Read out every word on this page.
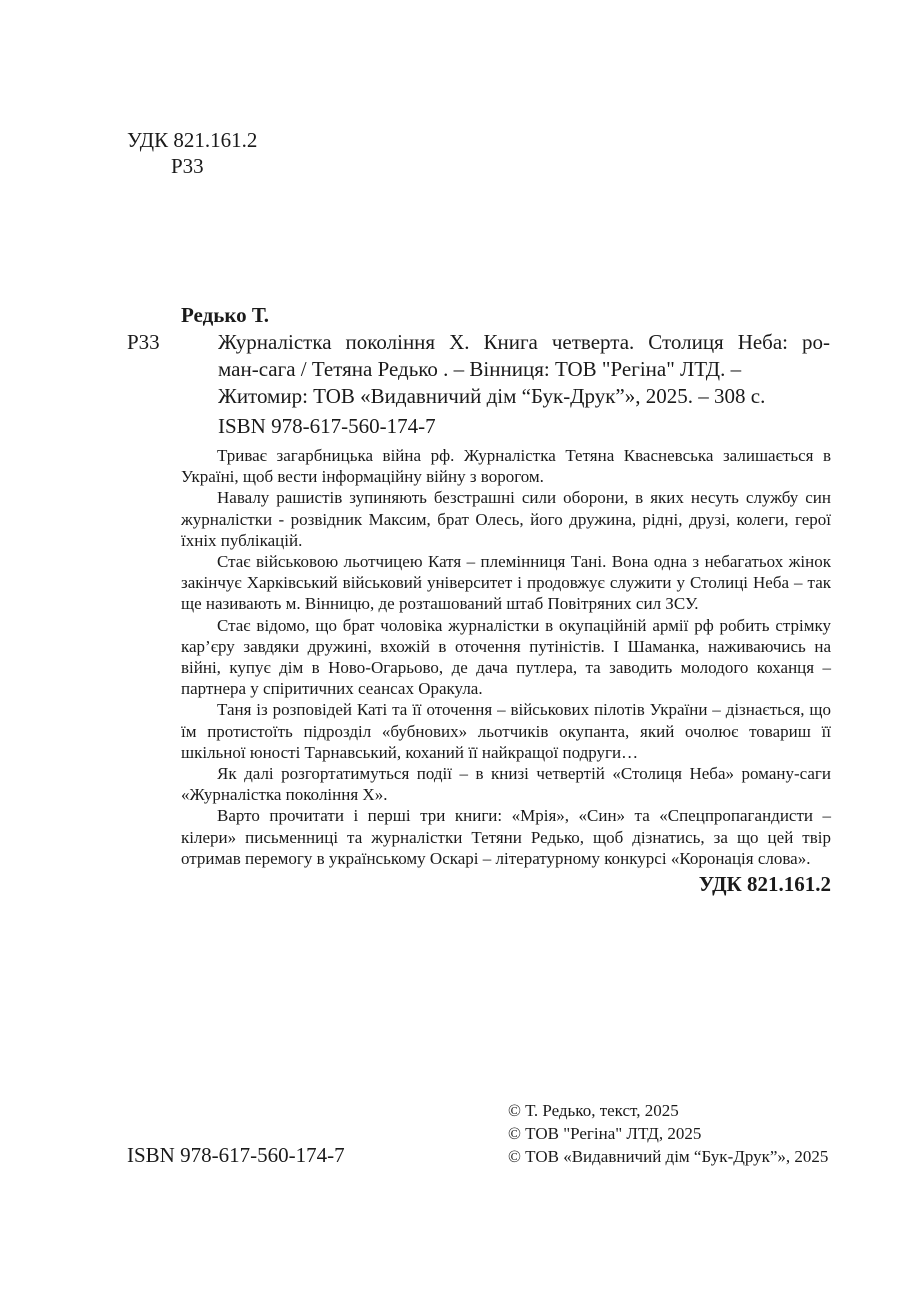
УДК 821.161.2
Р33
Редько Т.
Р33	Журналістка покоління Х. Книга четверта. Столиця Неба: ро-
ман-сага / Тетяна Редько . – Вінниця: ТОВ "Регіна" ЛТД. –
Житомир: ТОВ «Видавничий дім “Бук-Друк”», 2025. – 308 с.
ISBN 978-617-560-174-7

Триває загарбницька війна рф. Журналістка Тетяна Квасневська залишається в Україні, щоб вести інформаційну війну з ворогом.

Навалу рашистів зупиняють безстрашні сили оборони, в яких несуть службу син журналістки - розвідник Максим, брат Олесь, його дружина, рідні, друзі, колеги, герої їхніх публікацій.

Стає військовою льотчицею Катя – племінниця Тані. Вона одна з небагатьох жінок закінчує Харківський військовий університет і продовжує служити у Столиці Неба – так ще називають м. Вінницю, де розташований штаб Повітряних сил ЗСУ.

Стає відомо, що брат чоловіка журналістки в окупаційній армії рф робить стрімку кар’єру завдяки дружині, вхожій в оточення путіністів. І Шаманка, наживаючись на війні, купує дім в Ново-Огарьово, де дача путлера, та заводить молодого коханця – партнера у спіритичних сеансах Оракула.

Таня із розповідей Каті та її оточення – військових пілотів України – дізнається, що їм протистоїть підрозділ «бубнових» льотчиків окупанта, який очолює товариш її шкільної юності Тарнавський, коханий її найкращої подруги…

Як далі розгортатимуться події – в книзі четвертій «Столиця Неба» роману-саги «Журналістка покоління Х».

Варто прочитати і перші три книги: «Мрія», «Син» та «Спецпропагандисти – кілери» письменниці та журналістки Тетяни Редько, щоб дізнатись, за що цей твір отримав перемогу в українському Оскарі – літературному конкурсі «Коронація слова».

УДК 821.161.2
© Т. Редько, текст, 2025
© ТОВ "Регіна" ЛТД, 2025
© ТОВ «Видавничий дім “Бук-Друк”», 2025
ISBN 978-617-560-174-7
